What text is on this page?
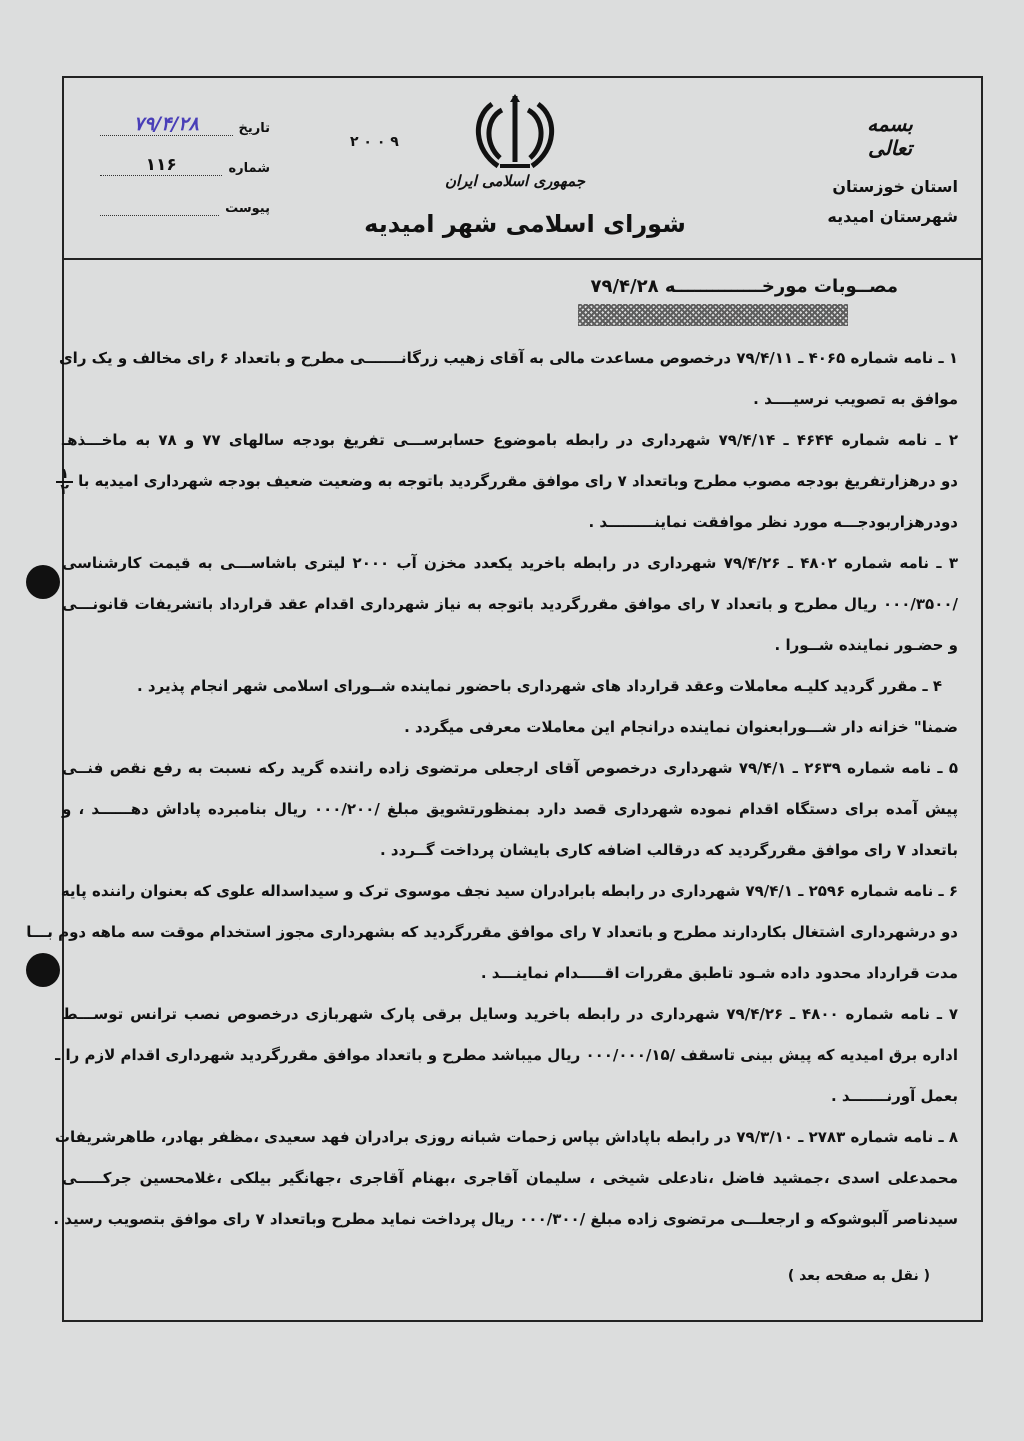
تاریخ
۷۹/۴/۲۸
شماره
۱۱۶
پیوست
۲ ۰ ۰ ۹
جمهوری اسلامی ایران
شورای اسلامی شهر امیدیه
بسمه تعالی
استان خوزستان
شهرستان امیدیه
مصــوبات مورخــــــــــــــه ۷۹/۴/۲۸
۱ ـ نامه شماره ۴۰۶۵ ـ ۷۹/۴/۱۱ درخصوص مساعدت مالی به آقای زهیب زرگانـــــــی مطرح و باتعداد ۶ رای مخالف و یک رای
موافق به تصویب نرسیــــد .
۲ ـ نامه شماره ۴۶۴۴ ـ ۷۹/۴/۱۴ شهرداری در رابطه باموضوع حسابرســـی تفریغ بودجه سالهای ۷۷ و ۷۸ به ماخـــذهـ
دو درهزارتفریغ بودجه مصوب مطرح وباتعداد ۷ رای موافق مقررگردید باتوجه به وضعیت ضعیف بودجه شهرداری امیدیه با
$\frac{۱}{۲}$
دودرهزاربودجـــه مورد نظر موافقت نماینـــــــــد .
۳ ـ نامه شماره ۴۸۰۲ ـ ۷۹/۴/۲۶ شهرداری در رابطه باخرید یکعدد مخزن آب ۲۰۰۰ لیتری باشاســـی به قیمت کارشناسی
/۰۰۰/۳۵۰۰ ریال مطرح و باتعداد ۷ رای موافق مقررگردید باتوجه به نیاز شهرداری اقدام عقد قرارداد باتشریفات قانونـــی
و حضـور نماینده شــورا .
۴ ـ مقرر گردید کلیـه معاملات وعقد قرارداد های شهرداری باحضور نماینده شــورای اسلامی شهر انجام پذیرد .
ضمنا" خزانه دار شـــورابعنوان نماینده درانجام این معاملات معرفی میگردد .
۵ ـ نامه شماره ۲۶۳۹ ـ ۷۹/۴/۱ شهرداری درخصوص آقای ارجعلی مرتضوی زاده راننده گرید رکه نسبت به رفع نقص فنــی
پیش آمده برای دستگاه اقدام نموده شهرداری قصد دارد بمنظورتشویق مبلغ /۰۰۰/۲۰۰ ریال بنامبرده پاداش دهــــــد ، و
باتعداد ۷ رای موافق مقررگردید که درقالب اضافه کاری بایشان پرداخت گــردد .
۶ ـ نامه شماره ۲۵۹۶ ـ ۷۹/۴/۱ شهرداری در رابطه بابرادران سید نجف موسوی ترک و سیداسداله علوی که بعنوان راننده پایه
دو درشهرداری اشتغال بکاردارند مطرح و باتعداد ۷ رای موافق مقررگردید که بشهرداری مجوز استخدام موقت سه ماهه دوم بـــا
مدت قرارداد محدود داده شـود تاطبق مقررات اقـــــدام نماینـــد .
۷ ـ نامه شماره ۴۸۰۰ ـ ۷۹/۴/۲۶ شهرداری در رابطه باخرید وسایل برقی پارک شهربازی درخصوص نصب ترانس توســـط
اداره برق امیدیه که پیش بینی تاسقف /۰۰۰/۰۰۰/۱۵ ریال میباشد مطرح و باتعداد موافق مقررگردید شهرداری اقدام لازم را ـ
بعمل آورنـــــــد .
۸ ـ نامه شماره ۲۷۸۳ ـ ۷۹/۳/۱۰ در رابطه باپاداش بپاس زحمات شبانه روزی برادران فهد سعیدی ،مظفر بهادر، طاهرشریفات
محمدعلی اسدی ،جمشید فاضل ،نادعلی شیخی ، سلیمان آقاجری ،بهنام آقاجری ،جهانگیر بیلکی ،غلامحسین جرکـــــی
سیدناصر آلبوشوکه و ارجعلـــی مرتضوی زاده مبلغ /۰۰۰/۳۰۰ ریال پرداخت نماید مطرح وباتعداد ۷ رای موافق بتصویب رسید .
( نقل به صفحه بعد )
